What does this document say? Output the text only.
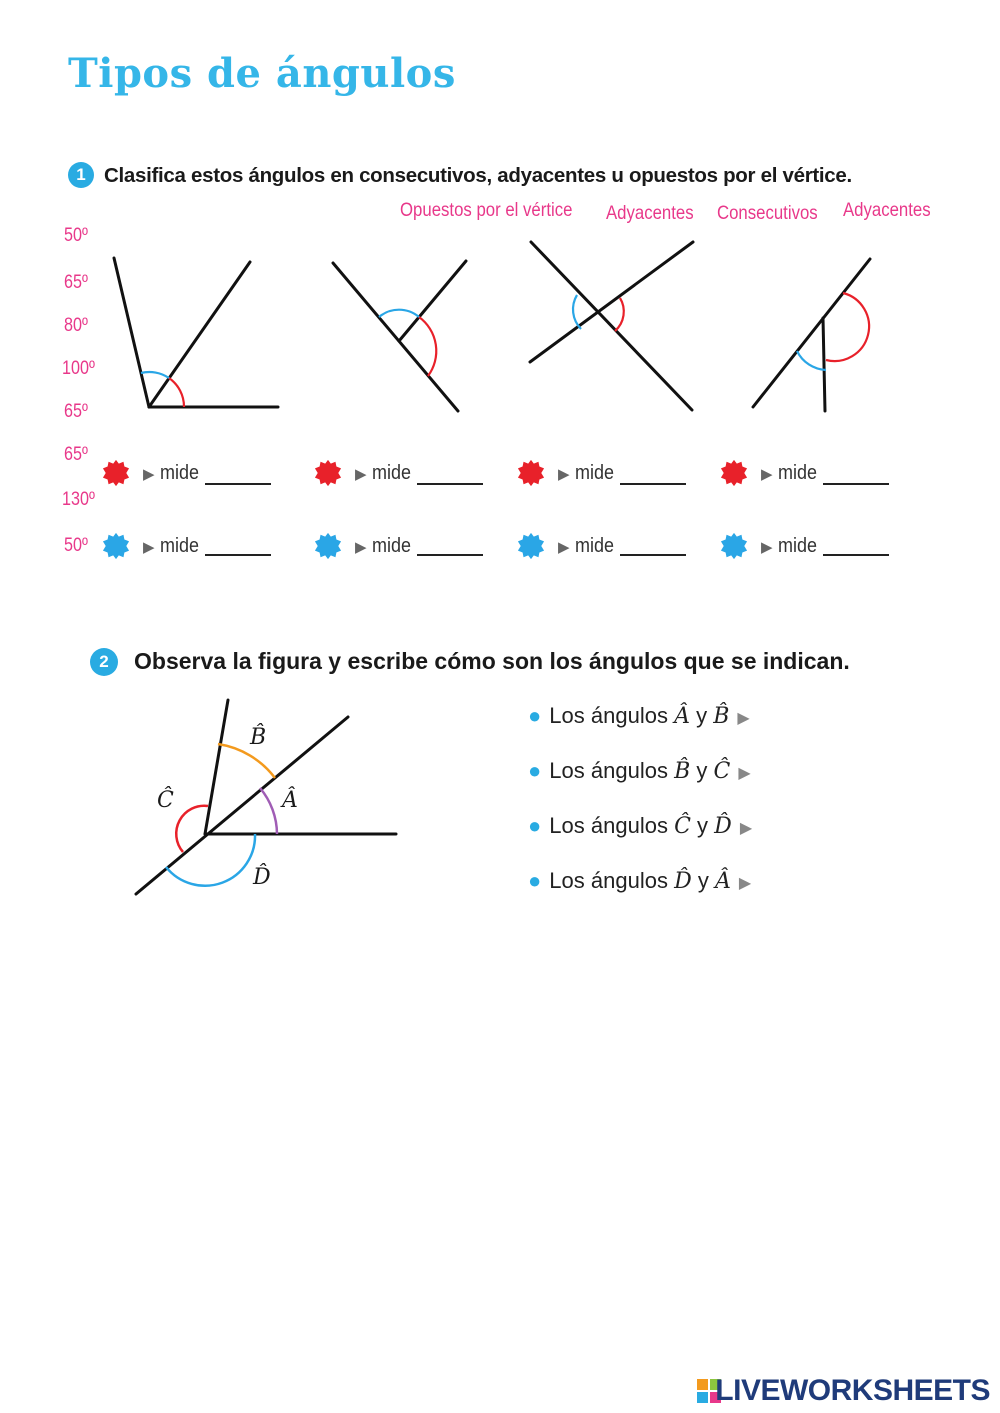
Tipos de ángulos
1 Clasifica estos ángulos en consecutivos, adyacentes u opuestos por el vértice.
Opuestos por el vértice Adyacentes Consecutivos Adyacentes
50º
65º
80º
100º
65º
65º
130º
50º
▶ mide	▶ mide	▶ mide	▶ mide
▶ mide	▶ mide	▶ mide	▶ mide
2	Observa la figura y escribe cómo son los ángulos que se indican.
B̂
Â
Ĉ
D̂
● Los ángulos Â y B̂ ▶
● Los ángulos B̂ y Ĉ ▶
● Los ángulos Ĉ y D̂ ▶
● Los ángulos D̂ y Â ▶
LIVEWORKSHEETS
